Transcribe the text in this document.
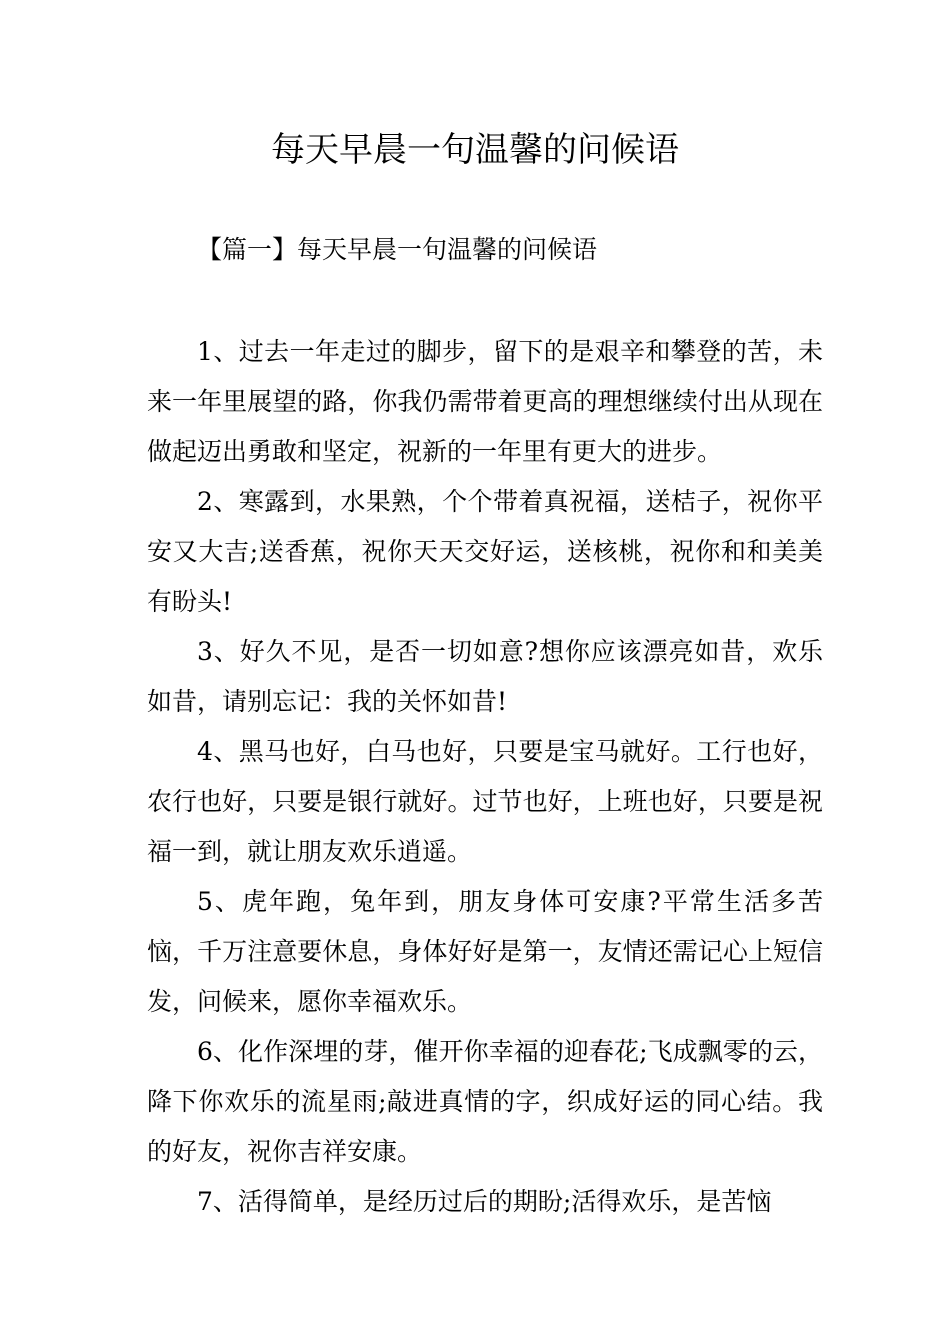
每天早晨一句温馨的问候语

【篇一】每天早晨一句温馨的问候语

1、过去一年走过的脚步，留下的是艰辛和攀登的苦，未来一年里展望的路，你我仍需带着更高的理想继续付出从现在做起迈出勇敢和坚定，祝新的一年里有更大的进步。

2、寒露到，水果熟，个个带着真祝福，送桔子，祝你平安又大吉;送香蕉，祝你天天交好运，送核桃，祝你和和美美有盼头!

3、好久不见，是否一切如意?想你应该漂亮如昔，欢乐如昔，请别忘记：我的关怀如昔!

4、黑马也好，白马也好，只要是宝马就好。工行也好，农行也好，只要是银行就好。过节也好，上班也好，只要是祝福一到，就让朋友欢乐逍遥。

5、虎年跑，兔年到，朋友身体可安康?平常生活多苦恼，千万注意要休息，身体好好是第一，友情还需记心上短信发，问候来，愿你幸福欢乐。

6、化作深埋的芽，催开你幸福的迎春花;飞成飘零的云，降下你欢乐的流星雨;敲进真情的字，织成好运的同心结。我的好友，祝你吉祥安康。

7、活得简单，是经历过后的期盼;活得欢乐，是苦恼
